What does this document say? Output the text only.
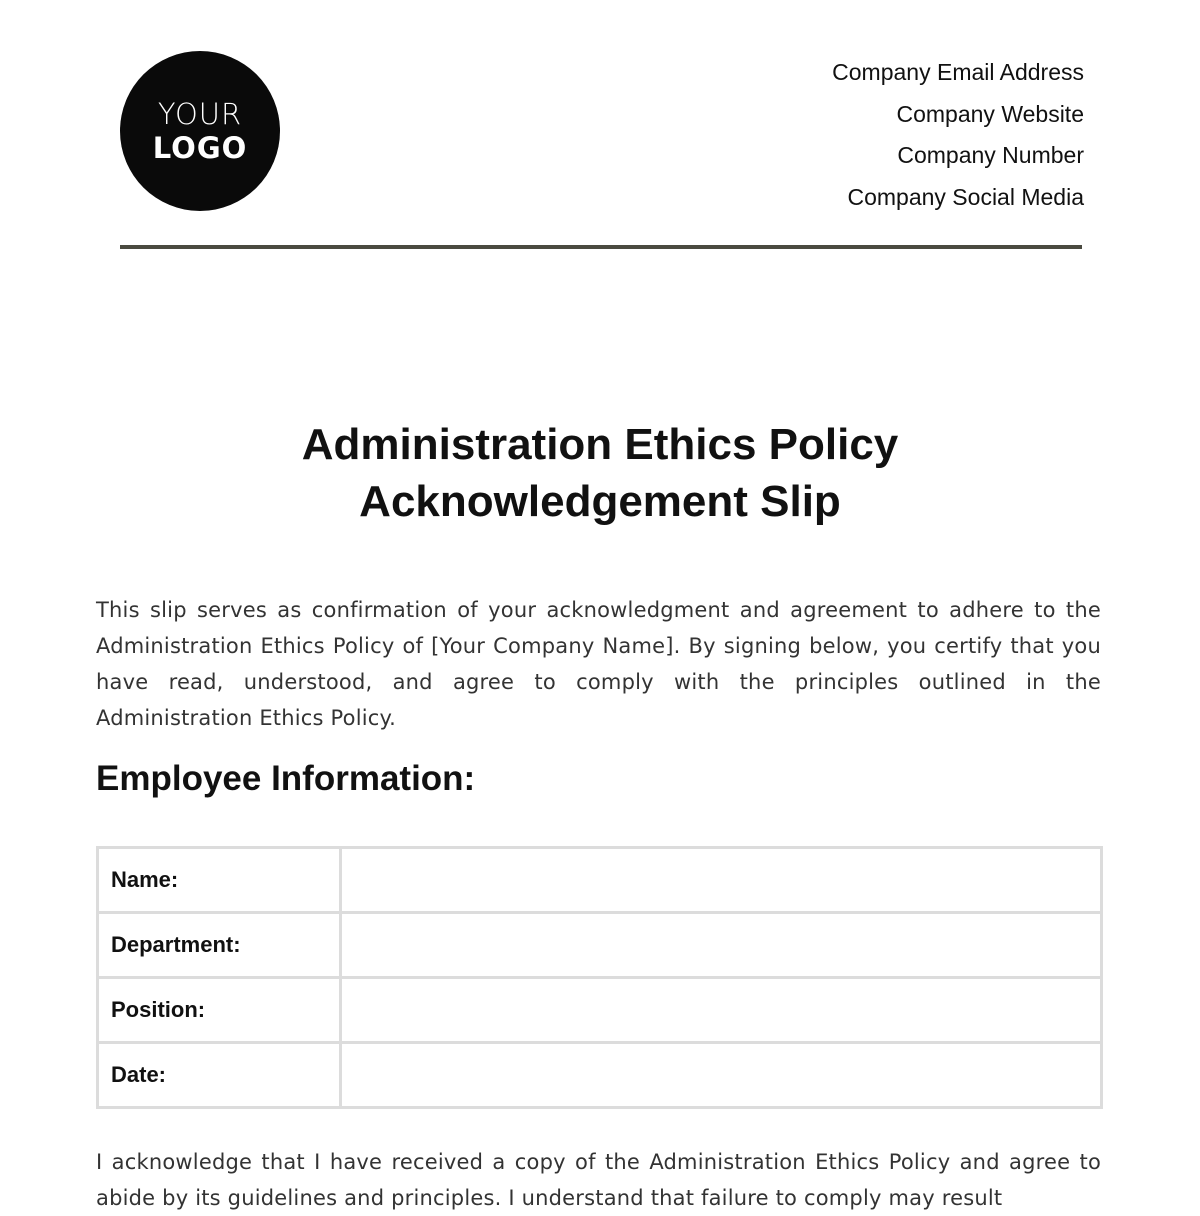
YOUR
LOGO
Company Email Address
Company Website
Company Number
Company Social Media
Administration Ethics Policy
Acknowledgement Slip

This slip serves as confirmation of your acknowledgment and agreement to adhere to the Administration Ethics Policy of [Your Company Name]. By signing below, you certify that you have read, understood, and agree to comply with the principles outlined in the Administration Ethics Policy.

Employee Information:
Name:	
Department:	
Position:	
Date:	

I acknowledge that I have received a copy of the Administration Ethics Policy and agree to abide by its guidelines and principles. I understand that failure to comply may result
